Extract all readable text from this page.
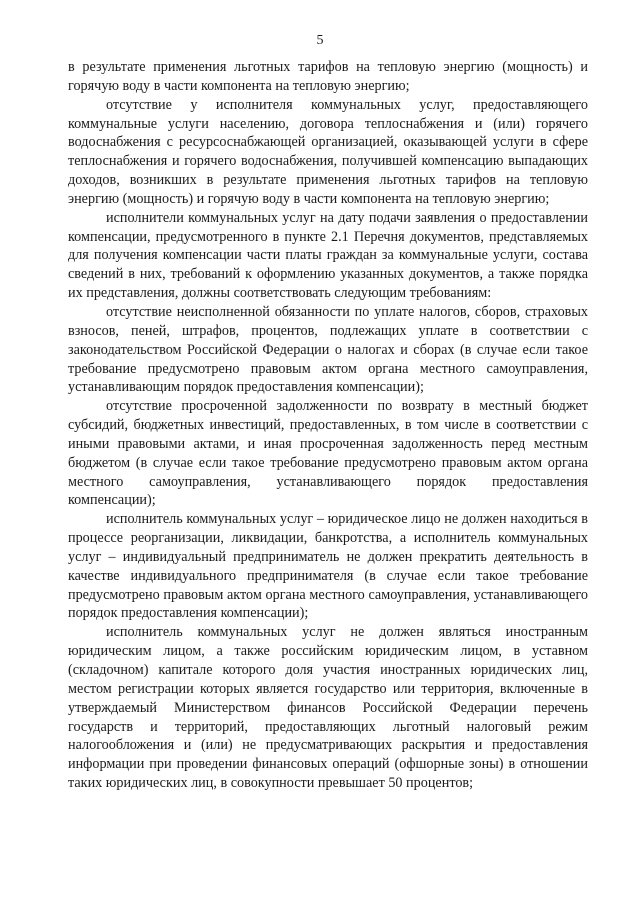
5

в результате применения льготных тарифов на тепловую энергию (мощность) и горячую воду в части компонента на тепловую энергию;

отсутствие у исполнителя коммунальных услуг, предоставляющего коммунальные услуги населению, договора теплоснабжения и (или) горячего водоснабжения с ресурсоснабжающей организацией, оказывающей услуги в сфере теплоснабжения и горячего водоснабжения, получившей компенсацию выпадающих доходов, возникших в результате применения льготных тарифов на тепловую энергию (мощность) и горячую воду в части компонента на тепловую энергию;

исполнители коммунальных услуг на дату подачи заявления о предоставлении компенсации, предусмотренного в пункте 2.1 Перечня документов, представляемых для получения компенсации части платы граждан за коммунальные услуги, состава сведений в них, требований к оформлению указанных документов, а также порядка их представления, должны соответствовать следующим требованиям:

отсутствие неисполненной обязанности по уплате налогов, сборов, страховых взносов, пеней, штрафов, процентов, подлежащих уплате в соответствии с законодательством Российской Федерации о налогах и сборах (в случае если такое требование предусмотрено правовым актом органа местного самоуправления, устанавливающим порядок предоставления компенсации);

отсутствие просроченной задолженности по возврату в местный бюджет субсидий, бюджетных инвестиций, предоставленных, в том числе в соответствии с иными правовыми актами, и иная просроченная задолженность перед местным бюджетом (в случае если такое требование предусмотрено правовым актом органа местного самоуправления, устанавливающего порядок предоставления компенсации);

исполнитель коммунальных услуг – юридическое лицо не должен находиться в процессе реорганизации, ликвидации, банкротства, а исполнитель коммунальных услуг – индивидуальный предприниматель не должен прекратить деятельность в качестве индивидуального предпринимателя (в случае если такое требование предусмотрено правовым актом органа местного самоуправления, устанавливающего порядок предоставления компенсации);

исполнитель коммунальных услуг не должен являться иностранным юридическим лицом, а также российским юридическим лицом, в уставном (складочном) капитале которого доля участия иностранных юридических лиц, местом регистрации которых является государство или территория, включенные в утверждаемый Министерством финансов Российской Федерации перечень государств и территорий, предоставляющих льготный налоговый режим налогообложения и (или) не предусматривающих раскрытия и предоставления информации при проведении финансовых операций (офшорные зоны) в отношении таких юридических лиц, в совокупности превышает 50 процентов;
